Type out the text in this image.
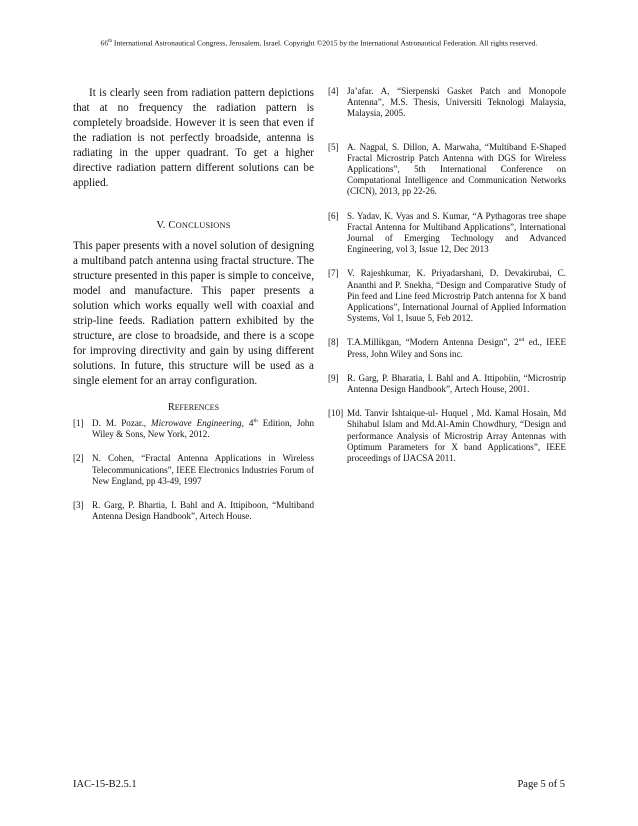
66th International Astronautical Congress, Jerusalem, Israel. Copyright ©2015 by the International Astronautical Federation. All rights reserved.

It is clearly seen from radiation pattern depictions that at no frequency the radiation pattern is completely broadside. However it is seen that even if the radiation is not perfectly broadside, antenna is radiating in the upper quadrant. To get a higher directive radiation pattern different solutions can be applied.

V. CONCLUSIONS

This paper presents with a novel solution of designing a multiband patch antenna using fractal structure. The structure presented in this paper is simple to conceive, model and manufacture. This paper presents a solution which works equally well with coaxial and strip-line feeds. Radiation pattern exhibited by the structure, are close to broadside, and there is a scope for improving directivity and gain by using different solutions. In future, this structure will be used as a single element for an array configuration.

REFERENCES
[1] D. M. Pozar., Microwave Engineering, 4th Edition, John Wiley & Sons, New York, 2012.
[2] N. Cohen, “Fractal Antenna Applications in Wireless Telecommunications”, IEEE Electronics Industries Forum of New England, pp 43-49, 1997
[3] R. Garg, P. Bhartia, I. Bahl and A. Ittipiboon, “Multiband Antenna Design Handbook”, Artech House.
[4] Ja’afar. A, “Sierpenski Gasket Patch and Monopole Antenna”, M.S. Thesis, Universiti Teknologi Malaysia, Malaysia, 2005.
[5] A. Nagpal, S. Dillon, A. Marwaha, “Multiband E-Shaped Fractal Microstrip Patch Antenna with DGS for Wireless Applications”, 5th International Conference on Computational Intelligence and Communication Networks (CICN), 2013, pp 22-26.
[6] S. Yadav, K. Vyas and S. Kumar, “A Pythagoras tree shape Fractal Antenna for Multiband Applications”, International Journal of Emerging Technology and Advanced Engineering, vol 3, Issue 12, Dec 2013
[7] V. Rajeshkumar, K. Priyadarshani, D. Devakirubai, C. Ananthi and P. Snekha, “Design and Comparative Study of Pin feed and Line feed Microstrip Patch antenna for X band Applications”, International Journal of Applied Information Systems, Vol 1, Isuue 5, Feb 2012.
[8] T.A.Millikgan, “Modern Antenna Design”, 2nd ed., IEEE Press, John Wiley and Sons inc.
[9] R. Garg, P. Bharatia, I. Bahl and A. Ittipobiin, “Microstrip Antenna Design Handbook”, Artech House, 2001.
[10] Md. Tanvir Ishtaique-ul- Huquel , Md. Kamal Hosain, Md Shihabul Islam and Md.Al-Amin Chowdhury, “Design and performance Analysis of Microstrip Array Antennas with Optimum Parameters for X band Applications”, IEEE proceedings of IJACSA 2011.
IAC-15-B2.5.1	Page 5 of 5
